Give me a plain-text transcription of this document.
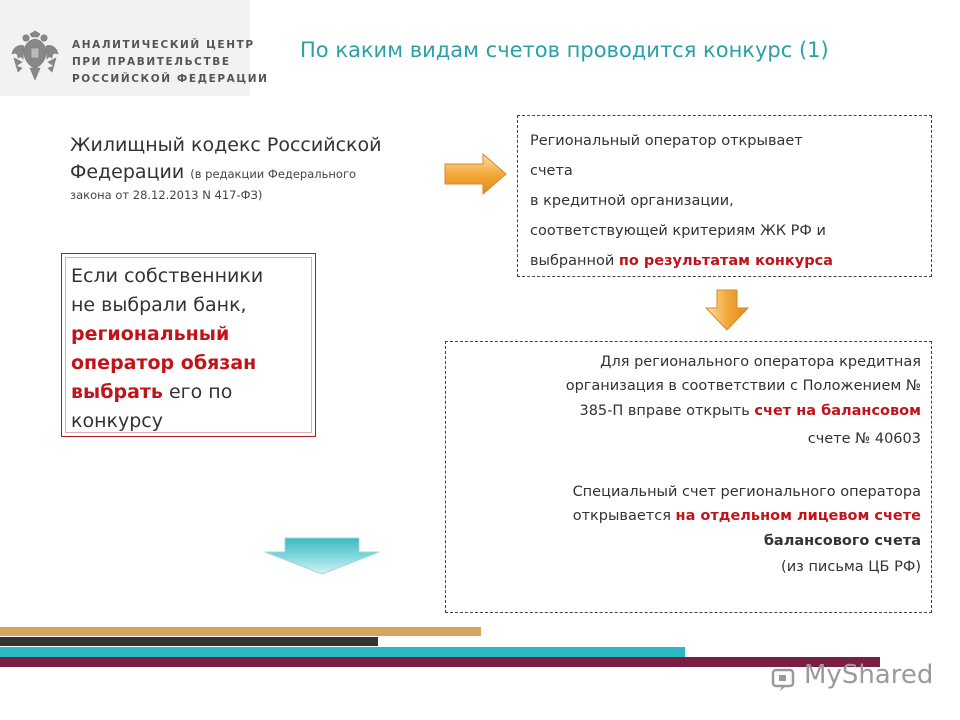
АНАЛИТИЧЕСКИЙ ЦЕНТР
ПРИ ПРАВИТЕЛЬСТВЕ
РОССИЙСКОЙ ФЕДЕРАЦИИ
По каким видам счетов проводится конкурс (1)
Жилищный кодекс Российской
Федерации (в редакции Федерального
закона от 28.12.2013 N 417-ФЗ)
Региональный оператор открывает
счета
в кредитной организации,
соответствующей критериям ЖК РФ и
выбранной по результатам конкурса
Если собственники
не выбрали банк,
региональный
оператор обязан
выбрать его по
конкурсу
Для регионального оператора кредитная
организация в соответствии с Положением №
385-П вправе открыть счет на балансовом
счете № 40603
Специальный счет регионального оператора
открывается на отдельном лицевом счете
балансового счета
(из письма ЦБ РФ)
MyShared
